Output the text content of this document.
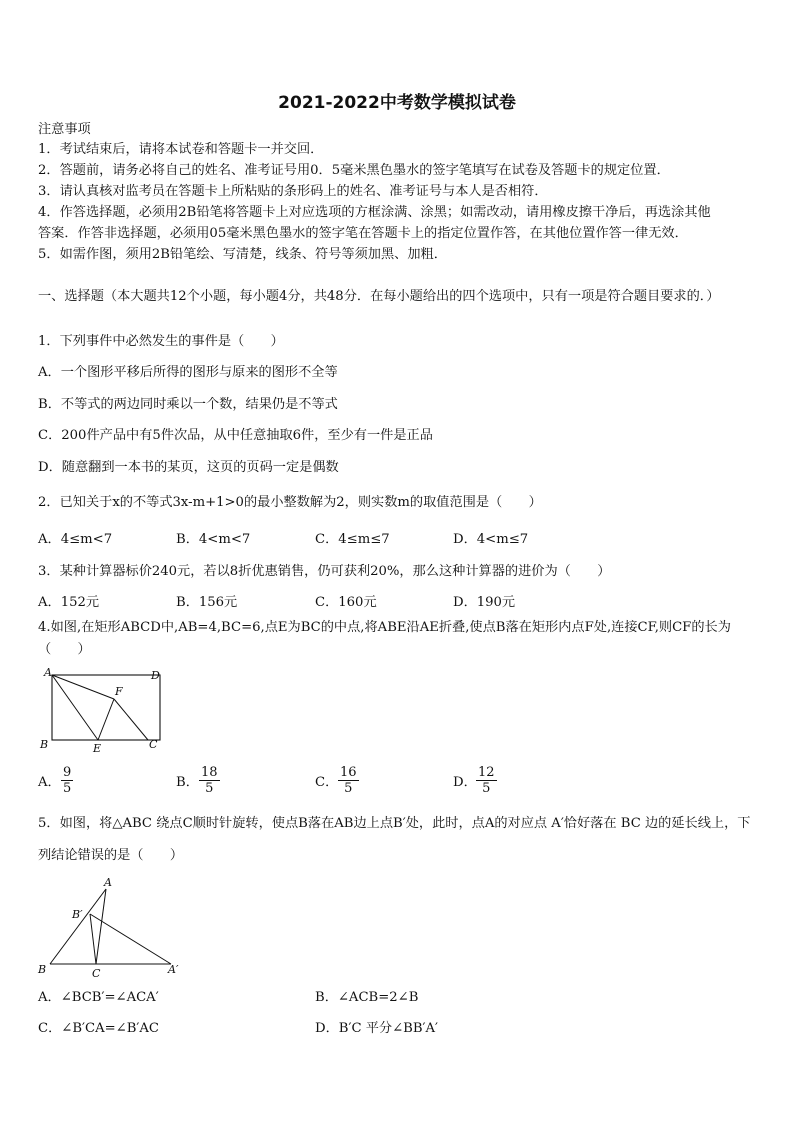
2021-2022中考数学模拟试卷
注意事项
1．考试结束后，请将本试卷和答题卡一并交回．
2．答题前，请务必将自己的姓名、准考证号用0．5毫米黑色墨水的签字笔填写在试卷及答题卡的规定位置．
3．请认真核对监考员在答题卡上所粘贴的条形码上的姓名、准考证号与本人是否相符．
4．作答选择题，必须用2B铅笔将答题卡上对应选项的方框涂满、涂黑；如需改动，请用橡皮擦干净后，再选涂其他
答案．作答非选择题，必须用05毫米黑色墨水的签字笔在答题卡上的指定位置作答，在其他位置作答一律无效．
5．如需作图，须用2B铅笔绘、写清楚，线条、符号等须加黑、加粗．
一、选择题（本大题共12个小题，每小题4分，共48分．在每小题给出的四个选项中，只有一项是符合题目要求的．）
1．下列事件中必然发生的事件是（　　）
A．一个图形平移后所得的图形与原来的图形不全等
B．不等式的两边同时乘以一个数，结果仍是不等式
C．200件产品中有5件次品，从中任意抽取6件，至少有一件是正品
D．随意翻到一本书的某页，这页的页码一定是偶数
2．已知关于x的不等式3x-m+1>0的最小整数解为2，则实数m的取值范围是（　　）
A．4≤m<7	B．4<m<7	C．4≤m≤7	D．4<m≤7
3．某种计算器标价240元，若以8折优惠销售，仍可获利20%，那么这种计算器的进价为（　　）
A．152元	B．156元	C．160元	D．190元
4.如图,在矩形ABCD中,AB=4,BC=6,点E为BC的中点,将ABE沿AE折叠,使点B落在矩形内点F处,连接CF,则CF的长为（　　）
A	D
F
B	E	C
A． $\frac{9}{5}$	B． $\frac{18}{5}$	C． $\frac{16}{5}$	D． $\frac{12}{5}$
5．如图，将△ABC 绕点C顺时针旋转，使点B落在AB边上点B′处，此时，点A的对应点 A′恰好落在 BC 边的延长线上，下列结论错误的是（　　）
A
B′
B	C	A′
A．∠BCB′=∠ACA′	B．∠ACB=2∠B
C．∠B′CA=∠B′AC	D．B′C 平分∠BB′A′
